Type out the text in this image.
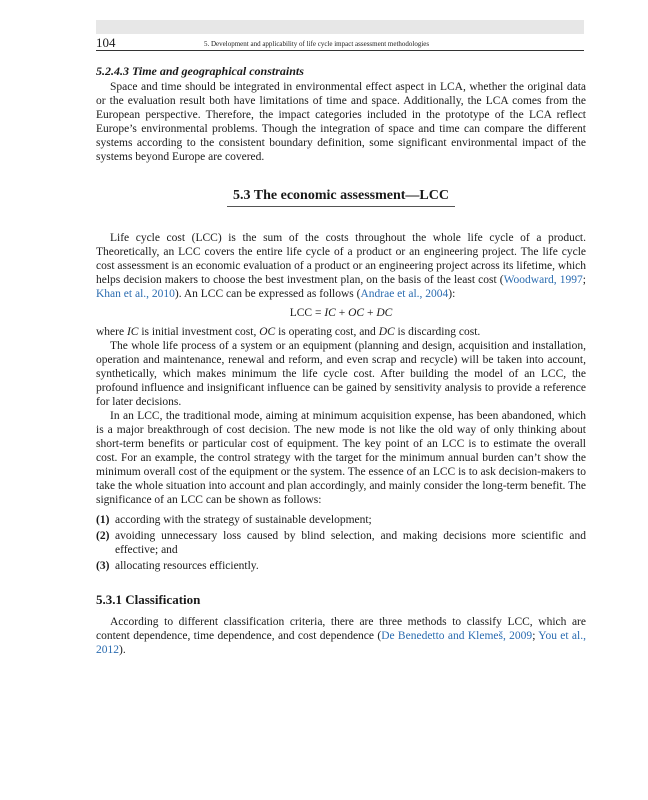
104	5. Development and applicability of life cycle impact assessment methodologies
5.2.4.3 Time and geographical constraints

Space and time should be integrated in environmental effect aspect in LCA, whether the original data or the evaluation result both have limitations of time and space. Additionally, the LCA comes from the European perspective. Therefore, the impact categories included in the prototype of the LCA reflect Europe’s environmental problems. Though the integration of space and time can compare the different systems according to the consistent boundary definition, some significant environmental impact of the systems beyond Europe are covered.

5.3 The economic assessment—LCC

Life cycle cost (LCC) is the sum of the costs throughout the whole life cycle of a product. Theoretically, an LCC covers the entire life cycle of a product or an engineering project. The life cycle cost assessment is an economic evaluation of a product or an engineering project across its lifetime, which helps decision makers to choose the best investment plan, on the basis of the least cost (Woodward, 1997; Khan et al., 2010). An LCC can be expressed as follows (Andrae et al., 2004):

LCC = IC + OC + DC

where IC is initial investment cost, OC is operating cost, and DC is discarding cost.

The whole life process of a system or an equipment (planning and design, acquisition and installation, operation and maintenance, renewal and reform, and even scrap and recycle) will be taken into account, synthetically, which makes minimum the life cycle cost. After building the model of an LCC, the profound influence and insignificant influence can be gained by sensitivity analysis to provide a reference for later decisions.

In an LCC, the traditional mode, aiming at minimum acquisition expense, has been abandoned, which is a major breakthrough of cost decision. The new mode is not like the old way of only thinking about short-term benefits or particular cost of equipment. The key point of an LCC is to estimate the overall cost. For an example, the control strategy with the target for the minimum annual burden can’t show the minimum overall cost of the equipment or the system. The essence of an LCC is to ask decision-makers to take the whole situation into account and plan accordingly, and mainly consider the long-term benefit. The significance of an LCC can be shown as follows:

(1) according with the strategy of sustainable development;
(2) avoiding unnecessary loss caused by blind selection, and making decisions more scientific and effective; and
(3) allocating resources efficiently.
5.3.1 Classification

According to different classification criteria, there are three methods to classify LCC, which are content dependence, time dependence, and cost dependence (De Benedetto and Klemeš, 2009; You et al., 2012).
